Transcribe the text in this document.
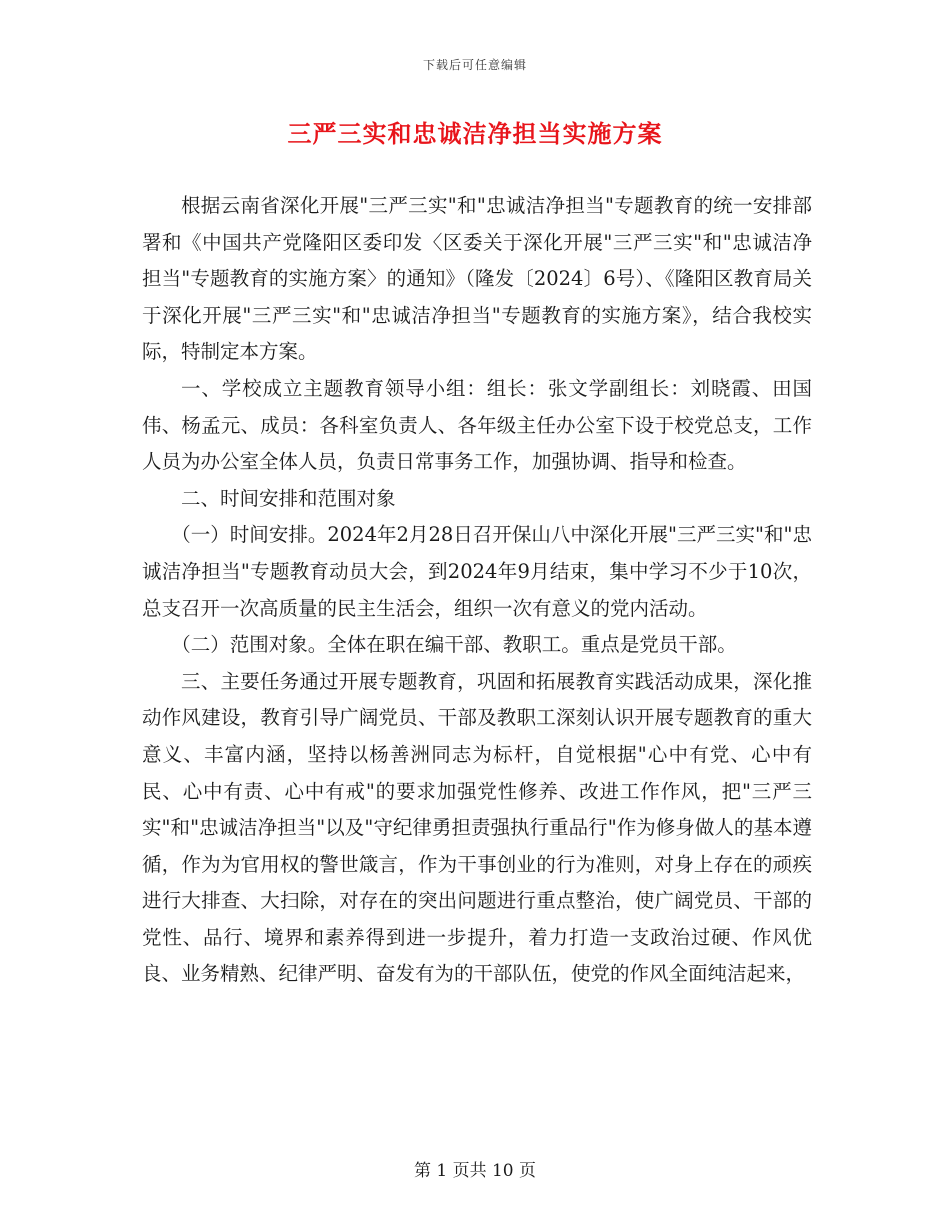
下载后可任意编辑
三严三实和忠诚洁净担当实施方案

根据云南省深化开展"三严三实"和"忠诚洁净担当"专题教育的统一安排部署和《中国共产党隆阳区委印发〈区委关于深化开展"三严三实"和"忠诚洁净担当"专题教育的实施方案〉的通知》（隆发〔2024〕6号）、《隆阳区教育局关于深化开展"三严三实"和"忠诚洁净担当"专题教育的实施方案》，结合我校实际，特制定本方案。

一、学校成立主题教育领导小组：组长：张文学副组长：刘晓霞、田国伟、杨孟元、成员：各科室负责人、各年级主任办公室下设于校党总支，工作人员为办公室全体人员，负责日常事务工作，加强协调、指导和检查。

二、时间安排和范围对象

（一）时间安排。2024年2月28日召开保山八中深化开展"三严三实"和"忠诚洁净担当"专题教育动员大会，到2024年9月结束，集中学习不少于10次，总支召开一次高质量的民主生活会，组织一次有意义的党内活动。

（二）范围对象。全体在职在编干部、教职工。重点是党员干部。

三、主要任务通过开展专题教育，巩固和拓展教育实践活动成果，深化推动作风建设，教育引导广阔党员、干部及教职工深刻认识开展专题教育的重大意义、丰富内涵，坚持以杨善洲同志为标杆，自觉根据"心中有党、心中有民、心中有责、心中有戒"的要求加强党性修养、改进工作作风，把"三严三实"和"忠诚洁净担当"以及"守纪律勇担责强执行重品行"作为修身做人的基本遵循，作为为官用权的警世箴言，作为干事创业的行为准则，对身上存在的顽疾进行大排查、大扫除，对存在的突出问题进行重点整治，使广阔党员、干部的党性、品行、境界和素养得到进一步提升，着力打造一支政治过硬、作风优良、业务精熟、纪律严明、奋发有为的干部队伍，使党的作风全面纯洁起来，

第 1 页共 10 页
